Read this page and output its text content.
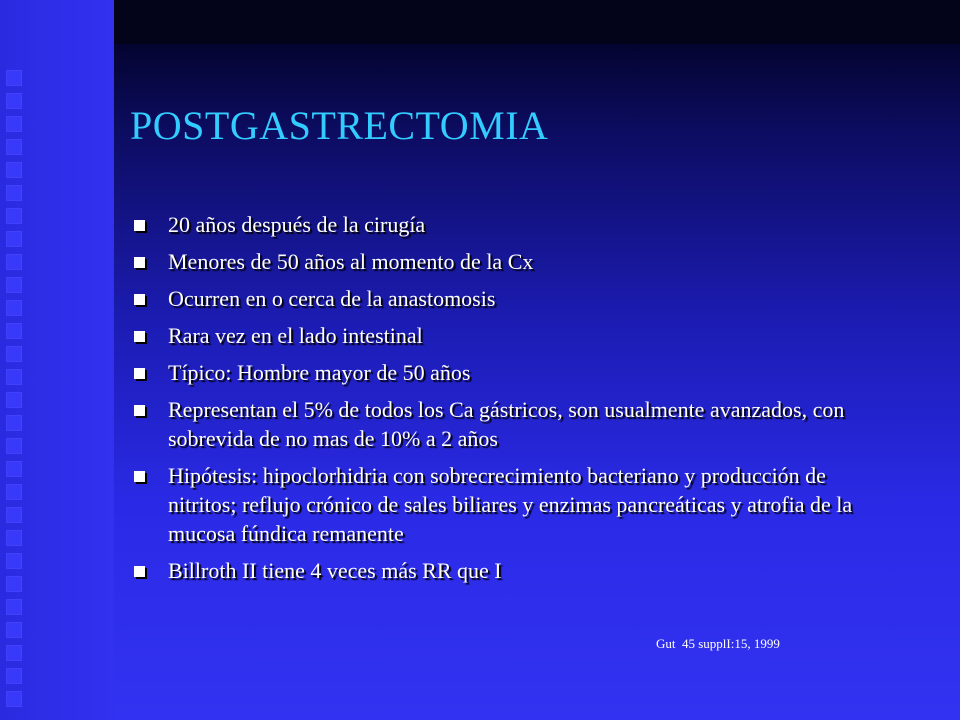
POSTGASTRECTOMIA
20 años después de la cirugía
Menores de 50 años al momento de la Cx
Ocurren en o cerca de la anastomosis
Rara vez en el lado intestinal
Típico: Hombre mayor de 50 años
Representan el 5% de todos los Ca gástricos, son usualmente avanzados, con sobrevida de no mas de 10% a 2 años
Hipótesis: hipoclorhidria con sobrecrecimiento bacteriano y producción de nitritos; reflujo crónico de sales biliares y enzimas pancreáticas y atrofia de la mucosa fúndica remanente
Billroth II tiene 4 veces más RR que I

Gut  45 supplI:15, 1999
